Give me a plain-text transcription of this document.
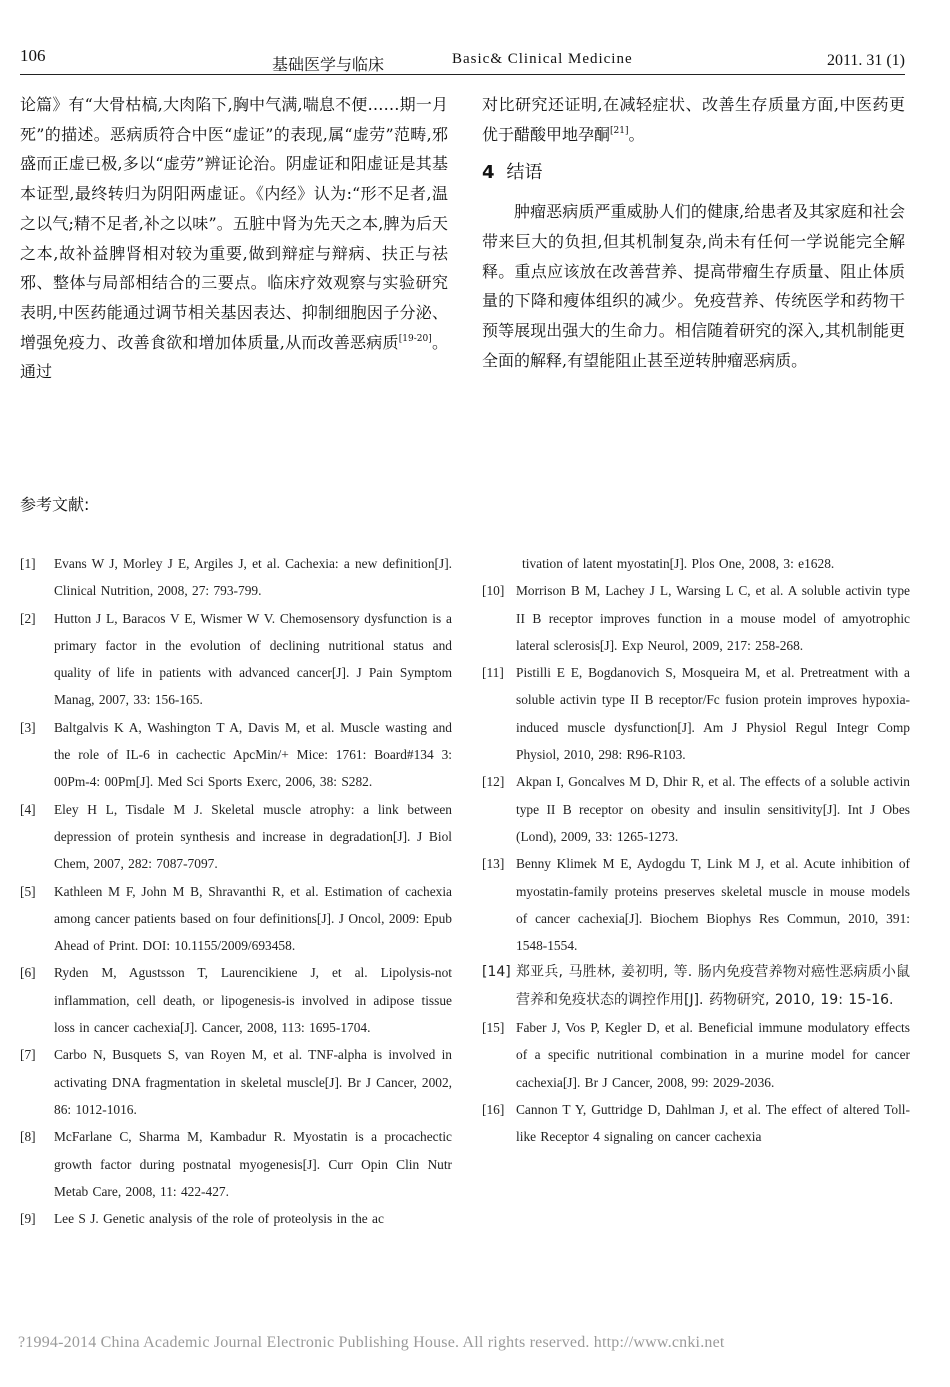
106	基础医学与临床	Basic& Clinical Medicine	2011. 31 (1)

论篇》有“大骨枯槁,大肉陷下,胸中气满,喘息不便……期一月死”的描述。恶病质符合中医“虚证”的表现,属“虚劳”范畴,邪盛而正虚已极,多以“虚劳”辨证论治。阴虚证和阳虚证是其基本证型,最终转归为阴阳两虚证。《内经》认为:“形不足者,温之以气;精不足者,补之以味”。五脏中肾为先天之本,脾为后天之本,故补益脾肾相对较为重要,做到辩症与辩病、扶正与祛邪、整体与局部相结合的三要点。临床疗效观察与实验研究表明,中医药能通过调节相关基因表达、抑制细胞因子分泌、增强免疫力、改善食欲和增加体质量,从而改善恶病质[19-20]。通过

对比研究还证明,在减轻症状、改善生存质量方面,中医药更优于醋酸甲地孕酮[21]。

4 结语

肿瘤恶病质严重威胁人们的健康,给患者及其家庭和社会带来巨大的负担,但其机制复杂,尚未有任何一学说能完全解释。重点应该放在改善营养、提高带瘤生存质量、阻止体质量的下降和瘦体组织的减少。免疫营养、传统医学和药物干预等展现出强大的生命力。相信随着研究的深入,其机制能更全面的解释,有望能阻止甚至逆转肿瘤恶病质。

参考文献:
[1] Evans W J, Morley J E, Argiles J, et al. Cachexia: a new definition[J]. Clinical Nutrition, 2008, 27: 793-799.
[2] Hutton J L, Baracos V E, Wismer W V. Chemosensory dysfunction is a primary factor in the evolution of declining nutritional status and quality of life in patients with advanced cancer[J]. J Pain Symptom Manag, 2007, 33: 156-165.
[3] Baltgalvis K A, Washington T A, Davis M, et al. Muscle wasting and the role of IL-6 in cachectic ApcMin/+ Mice: 1761: Board#134 3: 00Pm-4: 00Pm[J]. Med Sci Sports Exerc, 2006, 38: S282.
[4] Eley H L, Tisdale M J. Skeletal muscle atrophy: a link between depression of protein synthesis and increase in degradation[J]. J Biol Chem, 2007, 282: 7087-7097.
[5] Kathleen M F, John M B, Shravanthi R, et al. Estimation of cachexia among cancer patients based on four definitions[J]. J Oncol, 2009: Epub Ahead of Print. DOI: 10.1155/2009/693458.
[6] Ryden M, Agustsson T, Laurencikiene J, et al. Lipolysis-not inflammation, cell death, or lipogenesis-is involved in adipose tissue loss in cancer cachexia[J]. Cancer, 2008, 113: 1695-1704.
[7] Carbo N, Busquets S, van Royen M, et al. TNF-alpha is involved in activating DNA fragmentation in skeletal muscle[J]. Br J Cancer, 2002, 86: 1012-1016.
[8] McFarlane C, Sharma M, Kambadur R. Myostatin is a procachectic growth factor during postnatal myogenesis[J]. Curr Opin Clin Nutr Metab Care, 2008, 11: 422-427.
[9] Lee S J. Genetic analysis of the role of proteolysis in the ac
tivation of latent myostatin[J]. Plos One, 2008, 3: e1628.
[10] Morrison B M, Lachey J L, Warsing L C, et al. A soluble activin type II B receptor improves function in a mouse model of amyotrophic lateral sclerosis[J]. Exp Neurol, 2009, 217: 258-268.
[11] Pistilli E E, Bogdanovich S, Mosqueira M, et al. Pretreatment with a soluble activin type II B receptor/Fc fusion protein improves hypoxia-induced muscle dysfunction[J]. Am J Physiol Regul Integr Comp Physiol, 2010, 298: R96-R103.
[12] Akpan I, Goncalves M D, Dhir R, et al. The effects of a soluble activin type II B receptor on obesity and insulin sensitivity[J]. Int J Obes (Lond), 2009, 33: 1265-1273.
[13] Benny Klimek M E, Aydogdu T, Link M J, et al. Acute inhibition of myostatin-family proteins preserves skeletal muscle in mouse models of cancer cachexia[J]. Biochem Biophys Res Commun, 2010, 391: 1548-1554.
[14] 郑亚兵, 马胜林, 姜初明, 等. 肠内免疫营养物对癌性恶病质小鼠营养和免疫状态的调控作用[J]. 药物研究, 2010, 19: 15-16.
[15] Faber J, Vos P, Kegler D, et al. Beneficial immune modulatory effects of a specific nutritional combination in a murine model for cancer cachexia[J]. Br J Cancer, 2008, 99: 2029-2036.
[16] Cannon T Y, Guttridge D, Dahlman J, et al. The effect of altered Toll-like Receptor 4 signaling on cancer cachexia
?1994-2014 China Academic Journal Electronic Publishing House. All rights reserved. http://www.cnki.net
